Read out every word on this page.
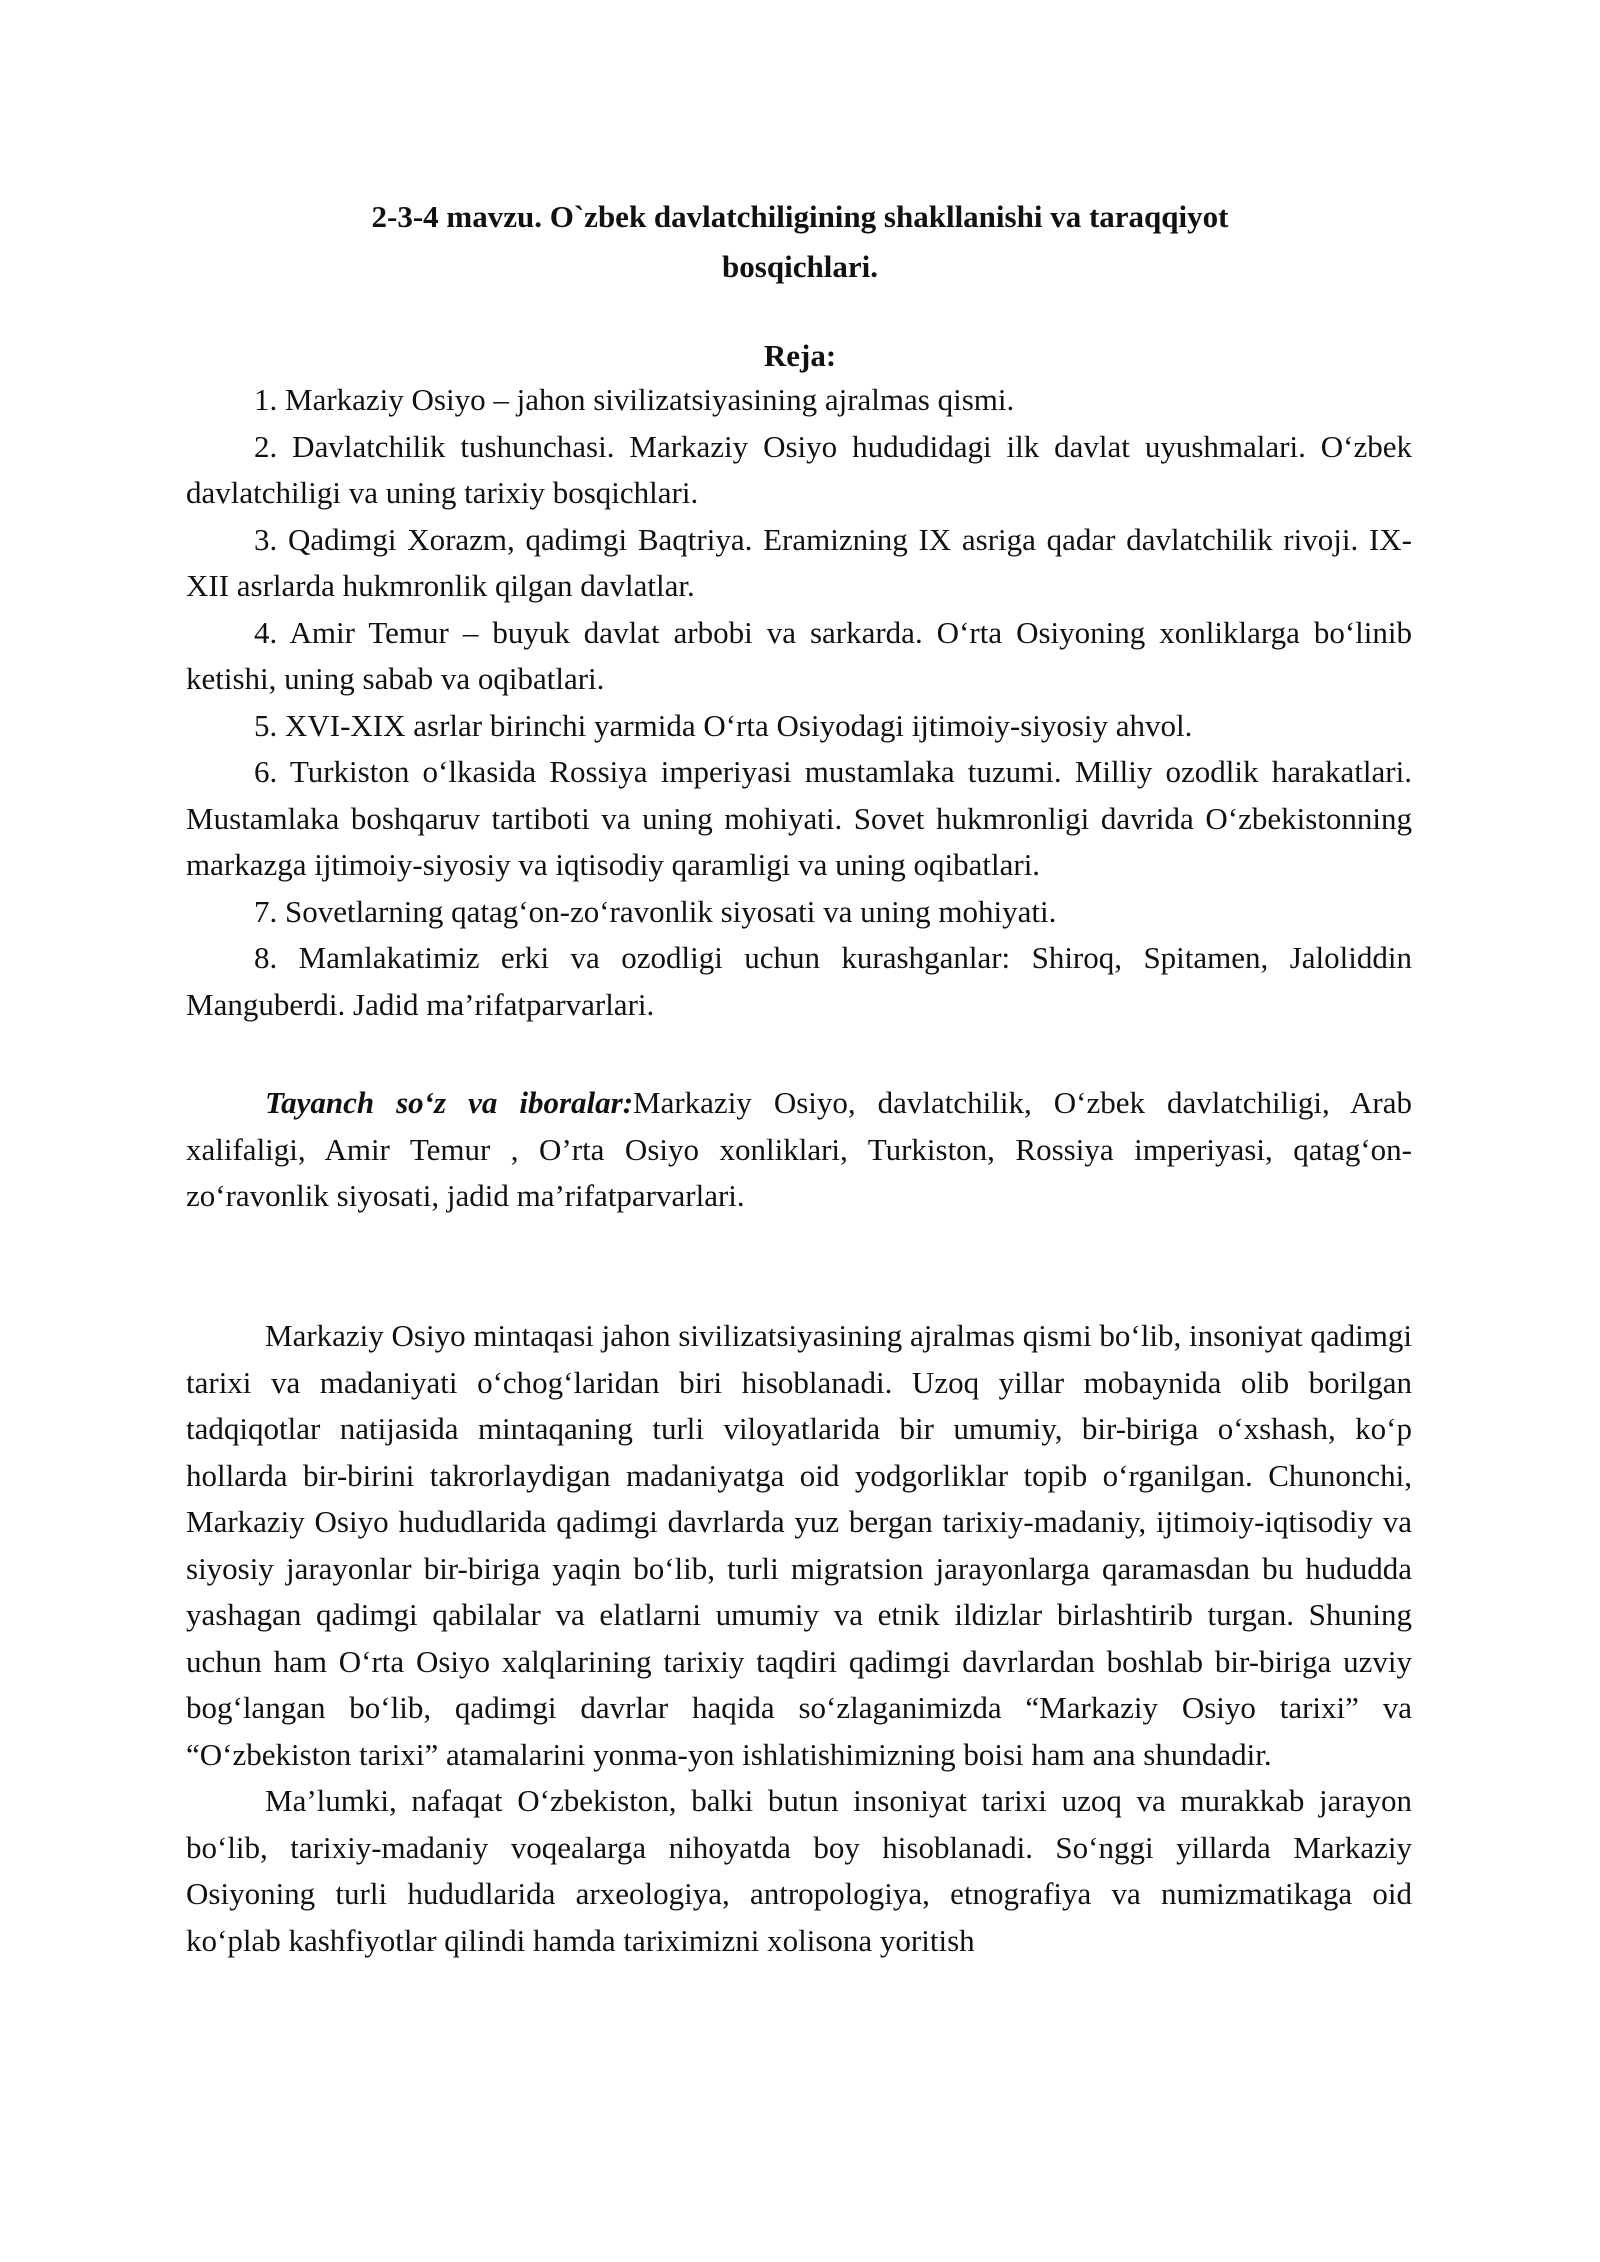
2-3-4 mavzu. O`zbek davlatchiligining shakllanishi va taraqqiyot
bosqichlari.
Reja:

1. Markaziy Osiyo – jahon sivilizatsiyasining ajralmas qismi.

2. Davlatchilik tushunchasi. Markaziy Osiyo hududidagi ilk davlat uyushmalari. O‘zbek davlatchiligi va uning tarixiy bosqichlari.

3. Qadimgi Xorazm, qadimgi Baqtriya. Eramizning IX asriga qadar davlatchilik rivoji. IX-XII asrlarda hukmronlik qilgan davlatlar.

4. Amir Temur – buyuk davlat arbobi va sarkarda. O‘rta Osiyoning xonliklarga bo‘linib ketishi, uning sabab va oqibatlari.

5. XVI-XIX asrlar birinchi yarmida O‘rta Osiyodagi ijtimoiy-siyosiy ahvol.

6. Turkiston o‘lkasida Rossiya imperiyasi mustamlaka tuzumi. Milliy ozodlik harakatlari. Mustamlaka boshqaruv tartiboti va uning mohiyati. Sovet hukmronligi davrida O‘zbekistonning markazga ijtimoiy-siyosiy va iqtisodiy qaramligi va uning oqibatlari.

7. Sovetlarning qatag‘on-zo‘ravonlik siyosati va uning mohiyati.

8. Mamlakatimiz erki va ozodligi uchun kurashganlar: Shiroq, Spitamen, Jaloliddin Manguberdi. Jadid ma’rifatparvarlari.

Tayanch so‘z va iboralar:Markaziy Osiyo, davlatchilik, O‘zbek davlatchiligi, Arab xalifaligi, Amir Temur , O’rta Osiyo xonliklari, Turkiston, Rossiya imperiyasi, qatag‘on-zo‘ravonlik siyosati, jadid ma’rifatparvarlari.

Markaziy Osiyo mintaqasi jahon sivilizatsiyasining ajralmas qismi bo‘lib, insoniyat qadimgi tarixi va madaniyati o‘chog‘laridan biri hisoblanadi. Uzoq yillar mobaynida olib borilgan tadqiqotlar natijasida mintaqaning turli viloyatlarida bir umumiy, bir-biriga o‘xshash, ko‘p hollarda bir-birini takrorlaydigan madaniyatga oid yodgorliklar topib o‘rganilgan. Chunonchi, Markaziy Osiyo hududlarida qadimgi davrlarda yuz bergan tarixiy-madaniy, ijtimoiy-iqtisodiy va siyosiy jarayonlar bir-biriga yaqin bo‘lib, turli migratsion jarayonlarga qaramasdan bu hududda yashagan qadimgi qabilalar va elatlarni umumiy va etnik ildizlar birlashtirib turgan. Shuning uchun ham O‘rta Osiyo xalqlarining tarixiy taqdiri qadimgi davrlardan boshlab bir-biriga uzviy bog‘langan bo‘lib, qadimgi davrlar haqida so‘zlaganimizda “Markaziy Osiyo tarixi” va “O‘zbekiston tarixi” atamalarini yonma-yon ishlatishimizning boisi ham ana shundadir.

Ma’lumki, nafaqat O‘zbekiston, balki butun insoniyat tarixi uzoq va murakkab jarayon bo‘lib, tarixiy-madaniy voqealarga nihoyatda boy hisoblanadi. So‘nggi yillarda Markaziy Osiyoning turli hududlarida arxeologiya, antropologiya, etnografiya va numizmatikaga oid ko‘plab kashfiyotlar qilindi hamda tariximizni xolisona yoritish
